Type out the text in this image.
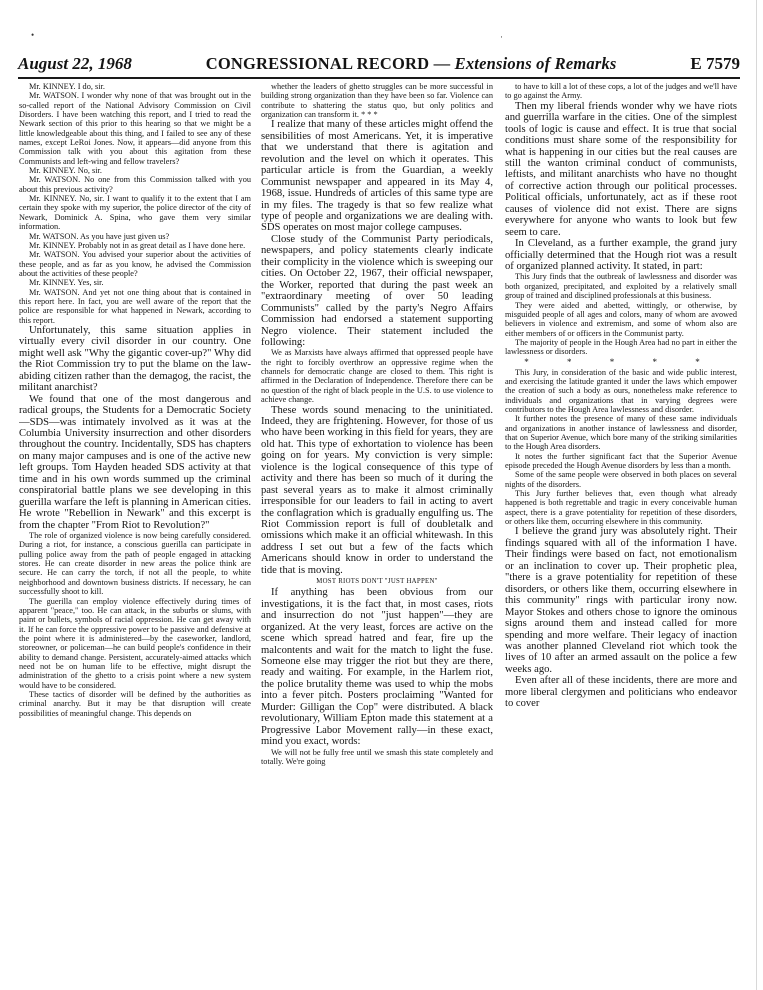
•	·
August 22, 1968	CONGRESSIONAL RECORD — Extensions of Remarks	E 7579

Mr. KINNEY. I do, sir.

Mr. WATSON. I wonder why none of that was brought out in the so-called report of the National Advisory Commission on Civil Disorders. I have been watching this report, and I tried to read the Newark section of this prior to this hearing so that we might be a little knowledgeable about this thing, and I failed to see any of these names, except LeRoi Jones. Now, it appears—did anyone from this Commission talk with you about this agitation from these Communists and left-wing and fellow travelers?

Mr. KINNEY. No, sir.

Mr. WATSON. No one from this Commission talked with you about this previous activity?

Mr. KINNEY. No, sir. I want to qualify it to the extent that I am certain they spoke with my superior, the police director of the city of Newark, Dominick A. Spina, who gave them very similar information.

Mr. WATSON. As you have just given us?

Mr. KINNEY. Probably not in as great detail as I have done here.

Mr. WATSON. You advised your superior about the activities of these people, and as far as you know, he advised the Commission about the activities of these people?

Mr. KINNEY. Yes, sir.

Mr. WATSON. And yet not one thing about that is contained in this report here. In fact, you are well aware of the report that the police are responsible for what happened in Newark, according to this report.

Unfortunately, this same situation applies in virtually every civil disorder in our country. One might well ask "Why the gigantic cover-up?" Why did the Riot Commission try to put the blame on the law-abiding citizen rather than the demagog, the racist, the militant anarchist?

We found that one of the most dangerous and radical groups, the Students for a Democratic Society—SDS—was intimately involved as it was at the Columbia University insurrection and other disorders throughout the country. Incidentally, SDS has chapters on many major campuses and is one of the active new left groups. Tom Hayden headed SDS activity at that time and in his own words summed up the criminal conspiratorial battle plans we see developing in this guerilla warfare the left is planning in American cities. He wrote "Rebellion in Newark" and this excerpt is from the chapter "From Riot to Revolution?"

The role of organized violence is now being carefully considered. During a riot, for instance, a conscious guerilla can participate in pulling police away from the path of people engaged in attacking stores. He can create disorder in new areas the police think are secure. He can carry the torch, if not all the people, to white neighborhood and downtown business districts. If necessary, he can successfully shoot to kill.

The guerilla can employ violence effectively during times of apparent "peace," too. He can attack, in the suburbs or slums, with paint or bullets, symbols of racial oppression. He can get away with it. If he can force the oppressive power to be passive and defensive at the point where it is administered—by the caseworker, landlord, storeowner, or policeman—he can build people's confidence in their ability to demand change. Persistent, accurately-aimed attacks which need not be on human life to be effective, might disrupt the administration of the ghetto to a crisis point where a new system would have to be considered.

These tactics of disorder will be defined by the authorities as criminal anarchy. But it may be that disruption will create possibilities of meaningful change. This depends on

whether the leaders of ghetto struggles can be more successful in building strong organization than they have been so far. Violence can contribute to shattering the status quo, but only politics and organization can transform it. * * *

I realize that many of these articles might offend the sensibilities of most Americans. Yet, it is imperative that we understand that there is agitation and revolution and the level on which it operates. This particular article is from the Guardian, a weekly Communist newspaper and appeared in its May 4, 1968, issue. Hundreds of articles of this same type are in my files. The tragedy is that so few realize what type of people and organizations we are dealing with. SDS operates on most major college campuses.

Close study of the Communist Party periodicals, newspapers, and policy statements clearly indicate their complicity in the violence which is sweeping our cities. On October 22, 1967, their official newspaper, the Worker, reported that during the past week an "extraordinary meeting of over 50 leading Communists" called by the party's Negro Affairs Commission had endorsed a statement supporting Negro violence. Their statement included the following:

We as Marxists have always affirmed that oppressed people have the right to forcibly overthrow an oppressive regime when the channels for democratic change are closed to them. This right is affirmed in the Declaration of Independence. Therefore there can be no question of the right of black people in the U.S. to use violence to achieve change.

These words sound menacing to the uninitiated. Indeed, they are frightening. However, for those of us who have been working in this field for years, they are old hat. This type of exhortation to violence has been going on for years. My conviction is very simple: violence is the logical consequence of this type of activity and there has been so much of it during the past several years as to make it almost criminally irresponsible for our leaders to fail in acting to avert the conflagration which is gradually engulfing us. The Riot Commission report is full of doubletalk and omissions which make it an official whitewash. In this address I set out but a few of the facts which Americans should know in order to understand the tide that is moving.

MOST RIOTS DON'T "JUST HAPPEN"

If anything has been obvious from our investigations, it is the fact that, in most cases, riots and insurrection do not "just happen"—they are organized. At the very least, forces are active on the scene which spread hatred and fear, fire up the malcontents and wait for the match to light the fuse. Someone else may trigger the riot but they are there, ready and waiting. For example, in the Harlem riot, the police brutality theme was used to whip the mobs into a fever pitch. Posters proclaiming "Wanted for Murder: Gilligan the Cop" were distributed. A black revolutionary, William Epton made this statement at a Progressive Labor Movement rally—in these exact, mind you exact, words:

We will not be fully free until we smash this state completely and totally. We're going

to have to kill a lot of these cops, a lot of the judges and we'll have to go against the Army.

Then my liberal friends wonder why we have riots and guerrilla warfare in the cities. One of the simplest tools of logic is cause and effect. It is true that social conditions must share some of the responsibility for what is happening in our cities but the real causes are still the wanton criminal conduct of communists, leftists, and militant anarchists who have no thought of corrective action through our political processes. Political officials, unfortunately, act as if these root causes of violence did not exist. There are signs everywhere for anyone who wants to look but few seem to care.

In Cleveland, as a further example, the grand jury officially determined that the Hough riot was a result of organized planned activity. It stated, in part:

This Jury finds that the outbreak of lawlessness and disorder was both organized, precipitated, and exploited by a relatively small group of trained and disciplined professionals at this business.

They were aided and abetted, wittingly, or otherwise, by misguided people of all ages and colors, many of whom are avowed believers in violence and extremism, and some of whom also are either members of or officers in the Communist party.

The majority of people in the Hough Area had no part in either the lawlessness or disorders.

* * * * *

This Jury, in consideration of the basic and wide public interest, and exercising the latitude granted it under the laws which empower the creation of such a body as ours, nonetheless make reference to individuals and organizations that in varying degrees were contributors to the Hough Area lawlessness and disorder.

It further notes the presence of many of these same individuals and organizations in another instance of lawlessness and disorder, that on Superior Avenue, which bore many of the striking similarities to the Hough Area disorders.

It notes the further significant fact that the Superior Avenue episode preceded the Hough Avenue disorders by less than a month.

Some of the same people were observed in both places on several nights of the disorders.

This Jury further believes that, even though what already happened is both regrettable and tragic in every conceivable human aspect, there is a grave potentiality for repetition of these disorders, or others like them, occurring elsewhere in this community.

I believe the grand jury was absolutely right. Their findings squared with all of the information I have. Their findings were based on fact, not emotionalism or an inclination to cover up. Their prophetic plea, "there is a grave potentiality for repetition of these disorders, or others like them, occurring elsewhere in this community" rings with particular irony now. Mayor Stokes and others chose to ignore the ominous signs around them and instead called for more spending and more welfare. Their legacy of inaction was another planned Cleveland riot which took the lives of 10 after an armed assault on the police a few weeks ago.

Even after all of these incidents, there are more and more liberal clergymen and politicians who endeavor to cover
